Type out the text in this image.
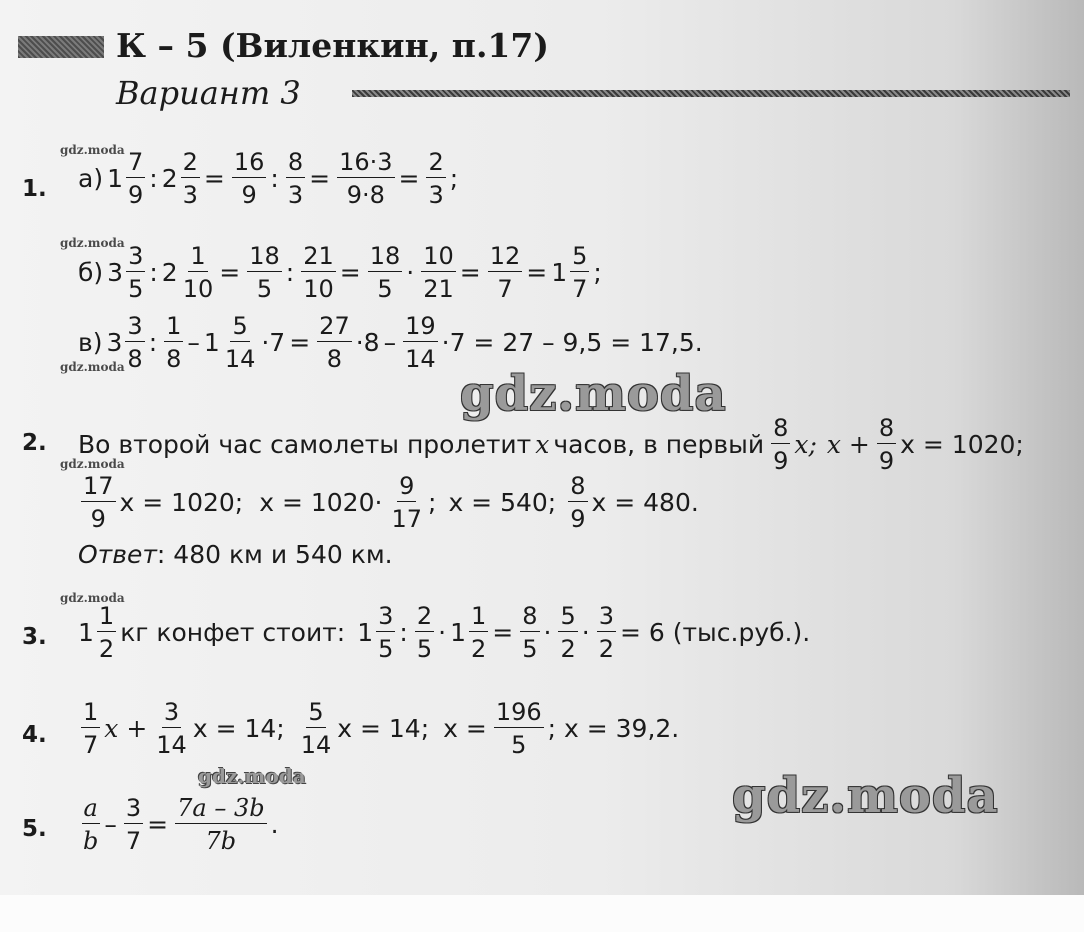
К – 5 (Виленкин, п.17)
Вариант 3
gdz.moda
gdz.moda
gdz.moda
gdz.moda
gdz.moda
gdz.moda
gdz.moda
gdz.moda
1. а) $1 \frac{7}{9}$ : $2 \frac{2}{3} = \frac{16}{9}$ : $\frac{8}{3} = \frac{16\cdot 3}{9\cdot 8} = \frac{2}{3}$ ;
б) $3 \frac{3}{5}$ : $2 \frac{1}{10} = \frac{18}{5}$ : $\frac{21}{10} = \frac{18}{5} \cdot \frac{10}{21} = \frac{12}{7} = 1 \frac{5}{7}$ ;
в) $3 \frac{3}{8}$ : $\frac{1}{8} - 1 \frac{5}{14} \cdot 7 = \frac{27}{8} \cdot 8 - \frac{19}{14} \cdot 7 = 27 - 9,5 = 17,5$.
2. Во второй час самолеты пролетит x часов, в первый $\frac{8}{9} x$; $x + \frac{8}{9}$ x = 1020;
$\frac{17}{9}$ x = 1020; $x = 1020\cdot \frac{9}{17}$ ; x = 540; $\frac{8}{9}$ x = 480.
Ответ : 480 км и 540 км.
3. $1 \frac{1}{2}$ кг конфет стоит: $1 \frac{3}{5}$ : $\frac{2}{5} \cdot 1 \frac{1}{2} = \frac{8}{5} \cdot \frac{5}{2} \cdot \frac{3}{2} = 6$ (тыс.руб.).
4. $\frac{1}{7}$ $x + \frac{3}{14}$ x = 14; $\frac{5}{14}$ x = 14; $x = \frac{196}{5}$ ; x = 39,2.
5. $\frac{a}{b} - \frac{3}{7} = \frac{7a - 3b}{7b}$ .
